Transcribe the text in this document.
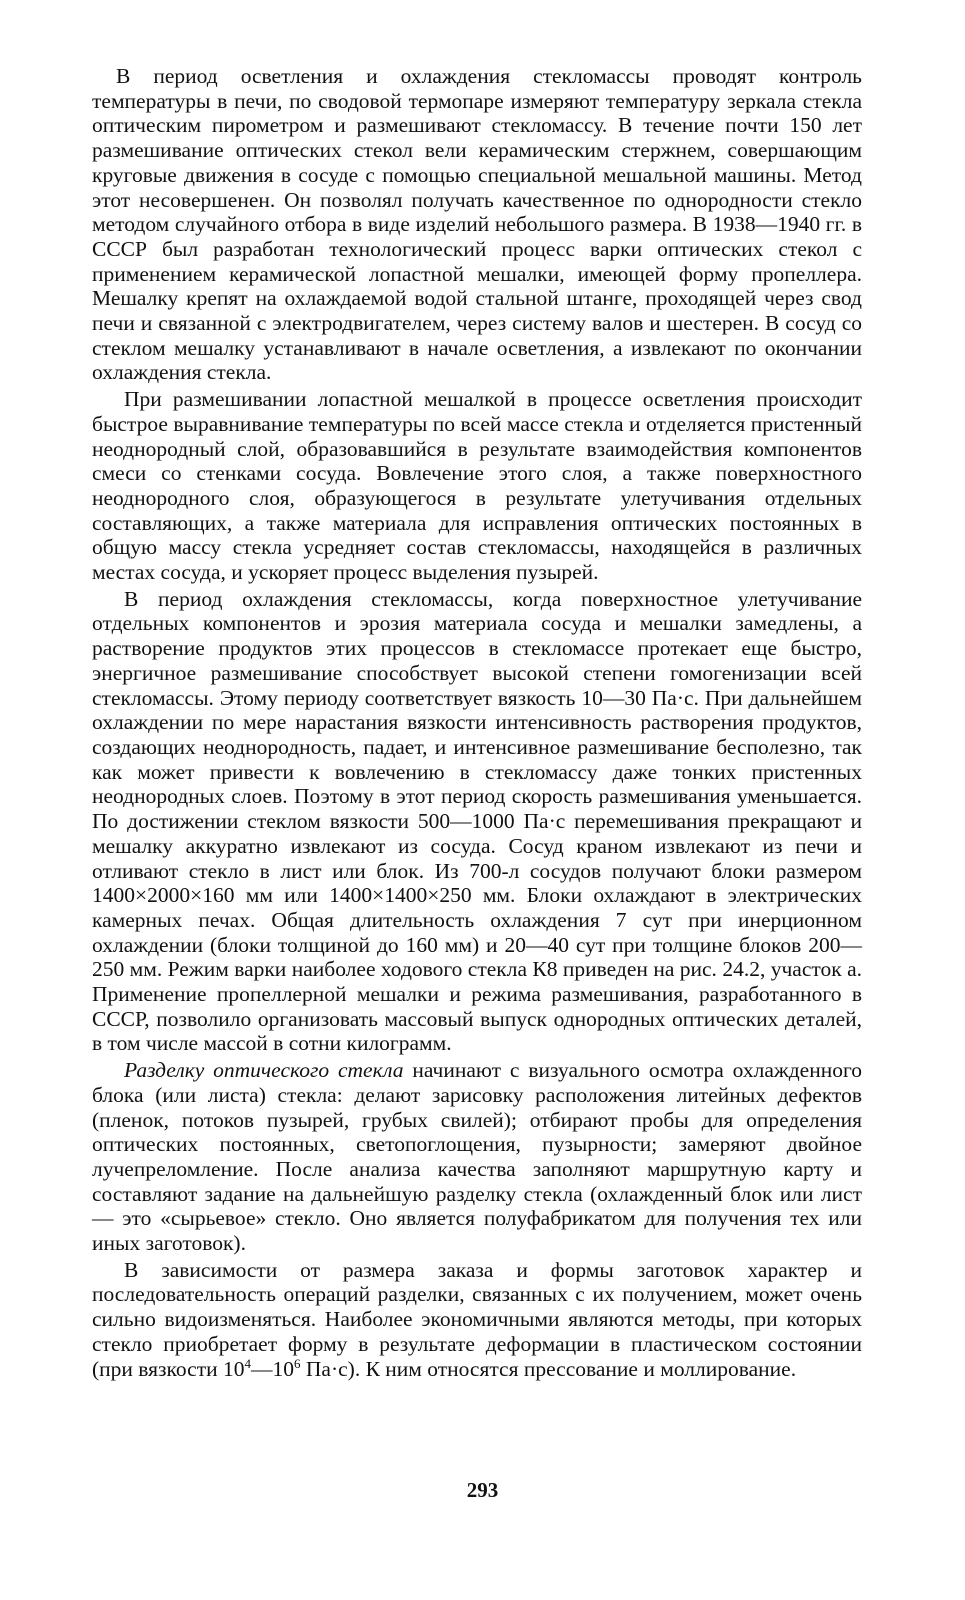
В период осветления и охлаждения стекломассы проводят контроль температуры в печи, по сводовой термопаре измеряют температуру зеркала стекла оптическим пирометром и размешивают стекломассу. В течение почти 150 лет размешивание оптических стекол вели керамическим стержнем, совершающим круговые движения в сосуде с помощью специальной мешальной машины. Метод этот несовершенен. Он позволял получать качественное по однородности стекло методом случайного отбора в виде изделий небольшого размера. В 1938—1940 гг. в СССР был разработан технологический процесс варки оптических стекол с применением керамической лопастной мешалки, имеющей форму пропеллера. Мешалку крепят на охлаждаемой водой стальной штанге, проходящей через свод печи и связанной с электродвигателем, через систему валов и шестерен. В сосуд со стеклом мешалку устанавливают в начале осветления, а извлекают по окончании охлаждения стекла.

При размешивании лопастной мешалкой в процессе осветления происходит быстрое выравнивание температуры по всей массе стекла и отделяется пристенный неоднородный слой, образовавшийся в результате взаимодействия компонентов смеси со стенками сосуда. Вовлечение этого слоя, а также поверхностного неоднородного слоя, образующегося в результате улетучивания отдельных составляющих, а также материала для исправления оптических постоянных в общую массу стекла усредняет состав стекломассы, находящейся в различных местах сосуда, и ускоряет процесс выделения пузырей.

В период охлаждения стекломассы, когда поверхностное улетучивание отдельных компонентов и эрозия материала сосуда и мешалки замедлены, а растворение продуктов этих процессов в стекломассе протекает еще быстро, энергичное размешивание способствует высокой степени гомогенизации всей стекломассы. Этому периоду соответствует вязкость 10—30 Па·с. При дальнейшем охлаждении по мере нарастания вязкости интенсивность растворения продуктов, создающих неоднородность, падает, и интенсивное размешивание бесполезно, так как может привести к вовлечению в стекломассу даже тонких пристенных неоднородных слоев. Поэтому в этот период скорость размешивания уменьшается. По достижении стеклом вязкости 500—1000 Па·с перемешивания прекращают и мешалку аккуратно извлекают из сосуда. Сосуд краном извлекают из печи и отливают стекло в лист или блок. Из 700-л сосудов получают блоки размером 1400×2000×160 мм или 1400×1400×250 мм. Блоки охлаждают в электрических камерных печах. Общая длительность охлаждения 7 сут при инерционном охлаждении (блоки толщиной до 160 мм) и 20—40 сут при толщине блоков 200—250 мм. Режим варки наиболее ходового стекла К8 приведен на рис. 24.2, участок а. Применение пропеллерной мешалки и режима размешивания, разработанного в СССР, позволило организовать массовый выпуск однородных оптических деталей, в том числе массой в сотни килограмм.

Разделку оптического стекла начинают с визуального осмотра охлажденного блока (или листа) стекла: делают зарисовку расположения литейных дефектов (пленок, потоков пузырей, грубых свилей); отбирают пробы для определения оптических постоянных, светопоглощения, пузырности; замеряют двойное лучепреломление. После анализа качества заполняют маршрутную карту и составляют задание на дальнейшую разделку стекла (охлажденный блок или лист — это «сырьевое» стекло. Оно является полуфабрикатом для получения тех или иных заготовок).

В зависимости от размера заказа и формы заготовок характер и последовательность операций разделки, связанных с их получением, может очень сильно видоизменяться. Наиболее экономичными являются методы, при которых стекло приобретает форму в результате деформации в пластическом состоянии (при вязкости $10^4—10^6$ Па·с). К ним относятся прессование и моллирование.

293
